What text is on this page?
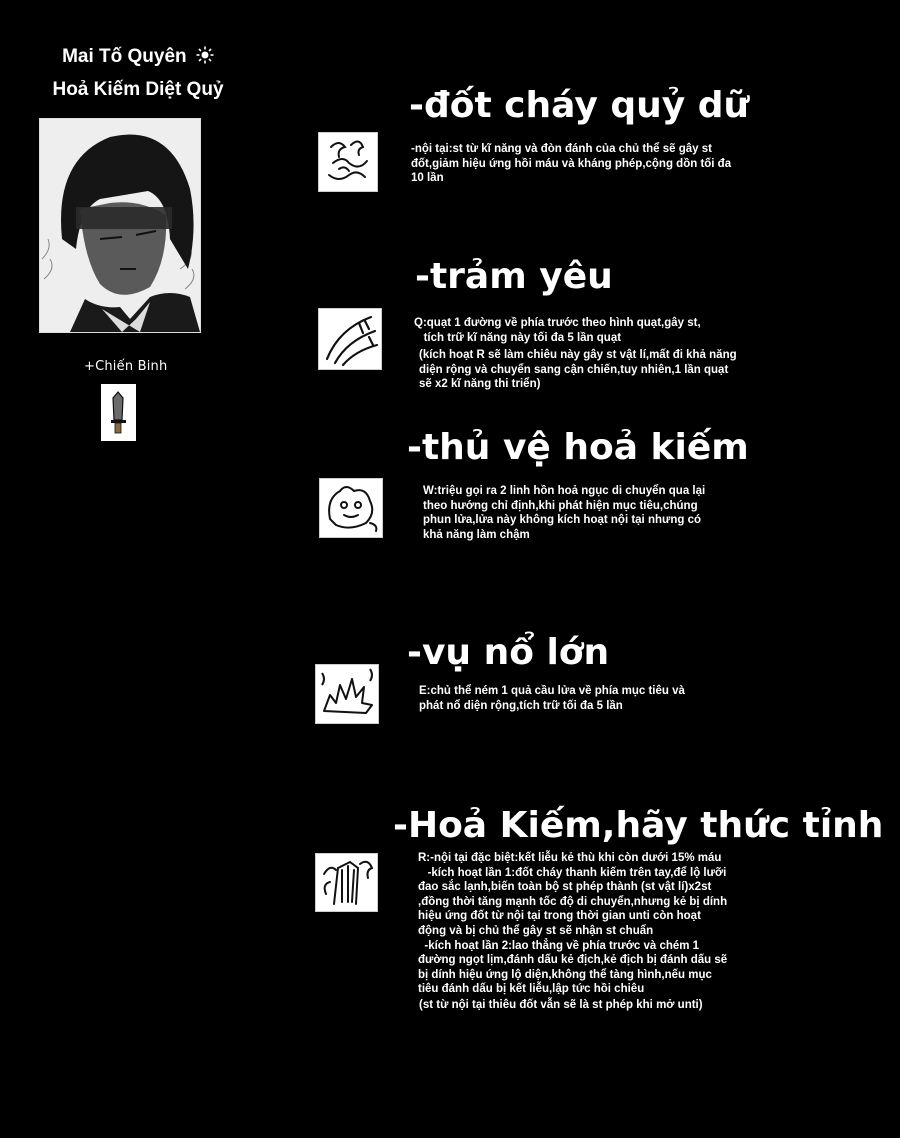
Mai Tố Quyên
Hoả Kiếm Diệt Quỷ
+Chiến Binh
-đốt cháy quỷ dữ
-nội tại:st từ kĩ năng và đòn đánh của chủ thể sẽ gây st
đốt,giảm hiệu ứng hồi máu và kháng phép,cộng dồn tối đa
10 lần
-trảm yêu
Q:quạt 1 đường về phía trước theo hình quạt,gây st,
tích trữ kĩ năng này tối đa 5 lần quạt
(kích hoạt R sẽ làm chiêu này gây st vật lí,mất đi khả năng
diện rộng và chuyển sang cận chiến,tuy nhiên,1 lần quạt
sẽ x2 kĩ năng thi triển)
-thủ vệ hoả kiếm
W:triệu gọi ra 2 linh hồn hoả ngục di chuyển qua lại
theo hướng chỉ định,khi phát hiện mục tiêu,chúng
phun lửa,lửa này không kích hoạt nội tại nhưng có
khả năng làm chậm
-vụ nổ lớn
E:chủ thể ném 1 quả cầu lửa về phía mục tiêu và
phát nổ diện rộng,tích trữ tối đa 5 lần
-Hoả Kiếm,hãy thức tỉnh
R:-nội tại đặc biệt:kết liễu kẻ thù khi còn dưới 15% máu
-kích hoạt lần 1:đốt cháy thanh kiếm trên tay,để lộ lưỡi
đao sắc lạnh,biến toàn bộ st phép thành (st vật lí)x2st
,đồng thời tăng mạnh tốc độ di chuyển,nhưng kẻ bị dính
hiệu ứng đốt từ nội tại trong thời gian unti còn hoạt
động và bị chủ thể gây st sẽ nhận st chuẩn
-kích hoạt lần 2:lao thẳng về phía trước và chém 1
đường ngọt lịm,đánh dấu kẻ địch,kẻ địch bị đánh dấu sẽ
bị dính hiệu ứng lộ diện,không thể tàng hình,nếu mục
tiêu đánh dấu bị kết liễu,lập tức hồi chiêu
(st từ nội tại thiêu đốt vẫn sẽ là st phép khi mở unti)
